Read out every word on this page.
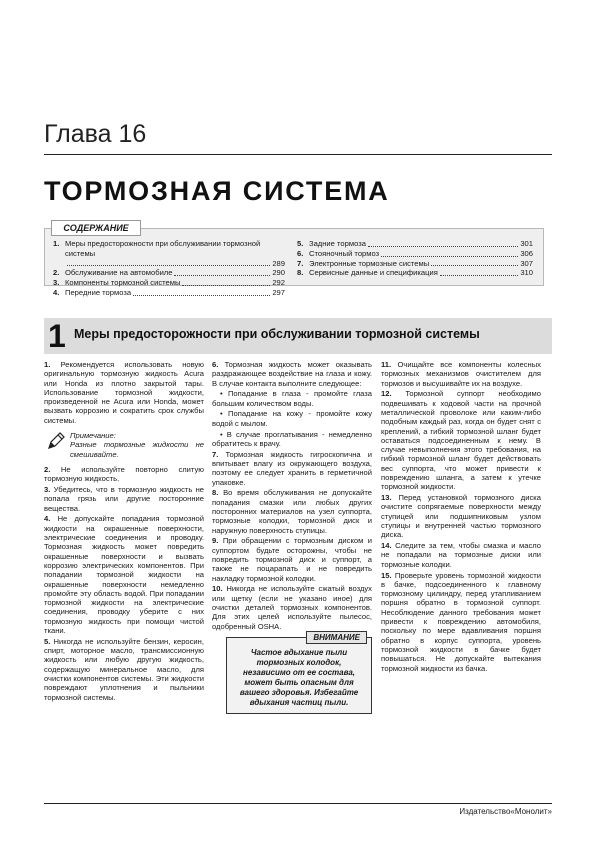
Глава 16
ТОРМОЗНАЯ СИСТЕМА
СОДЕРЖАНИЕ
1. Меры предосторожности при обслуживании тормозной системы
289
2. Обслуживание на автомобиле	290
3. Компоненты тормозной системы	292
4. Передние тормоза	297
5. Задние тормоза	301
6. Стояночный тормоз	306
7. Электронные тормозные системы	307
8. Сервисные данные и спецификация	310
1 Меры предосторожности при обслуживании тормозной системы

1. Рекомендуется использовать новую оригинальную тормозную жидкость Acura или Honda из плотно закрытой тары. Использование тормозной жидкости, произведенной не Acura или Honda, может вызвать коррозию и сократить срок службы системы.

Примечание:
Разные тормозные жидкости не смешивайте.

2. Не используйте повторно слитую тормозную жидкость.

3. Убедитесь, что в тормозную жидкость не попала грязь или другие посторонние вещества.

4. Не допускайте попадания тормозной жидкости на окрашенные поверхности, электрические соединения и проводку. Тормозная жидкость может повредить окрашенные поверхности и вызвать коррозию электрических компонентов. При попадании тормозной жидкости на окрашенные поверхности немедленно промойте эту область водой. При попадании тормозной жидкости на электрические соединения, проводку уберите с них тормозную жидкость при помощи чистой ткани.

5. Никогда не используйте бензин, керосин, спирт, моторное масло, трансмиссионную жидкость или любую другую жидкость, содержащую минеральное масло, для очистки компонентов системы. Эти жидкости повреждают уплотнения и пыльники тормозной системы.

6. Тормозная жидкость может оказывать раздражающее воздействие на глаза и кожу. В случае контакта выполните следующее:

• Попадание в глаза - промойте глаза большим количеством воды.

• Попадание на кожу - промойте кожу водой с мылом.

• В случае проглатывания - немедленно обратитесь к врачу.

7. Тормозная жидкость гигроскопична и впитывает влагу из окружающего воздуха, поэтому ее следует хранить в герметичной упаковке.

8. Во время обслуживания не допускайте попадания смазки или любых других посторонних материалов на узел суппорта, тормозные колодки, тормозной диск и наружную поверхность ступицы.

9. При обращении с тормозным диском и суппортом будьте осторожны, чтобы не повредить тормозной диск и суппорт, а также не поцарапать и не повредить накладку тормозной колодки.

10. Никогда не используйте сжатый воздух или щетку (если не указано иное) для очистки деталей тормозных компонентов. Для этих целей используйте пылесос, одобренный OSHA.

ВНИМАНИЕ
Частое вдыхание пыли тормозных колодок, независимо от ее состава, может быть опасным для вашего здоровья. Избегайте вдыхания частиц пыли.

11. Очищайте все компоненты колесных тормозных механизмов очистителем для тормозов и высушивайте их на воздухе.

12. Тормозной суппорт необходимо подвешивать к ходовой части на прочной металлической проволоке или каким-либо подобным каждый раз, когда он будет снят с креплений, а гибкий тормозной шланг будет оставаться подсоединенным к нему. В случае невыполнения этого требования, на гибкий тормозной шланг будет действовать вес суппорта, что может привести к повреждению шланга, а затем к утечке тормозной жидкости.

13. Перед установкой тормозного диска очистите сопрягаемые поверхности между ступицей или подшипниковым узлом ступицы и внутренней частью тормозного диска.

14. Следите за тем, чтобы смазка и масло не попадали на тормозные диски или тормозные колодки.

15. Проверьте уровень тормозной жидкости в бачке, подсоединенного к главному тормозному цилиндру, перед утапливанием поршня обратно в тормозной суппорт. Несоблюдение данного требования может привести к повреждению автомобиля, поскольку по мере вдавливания поршня обратно в корпус суппорта, уровень тормозной жидкости в бачке будет повышаться. Не допускайте вытекания тормозной жидкости из бачка.

Издательство«Монолит»
